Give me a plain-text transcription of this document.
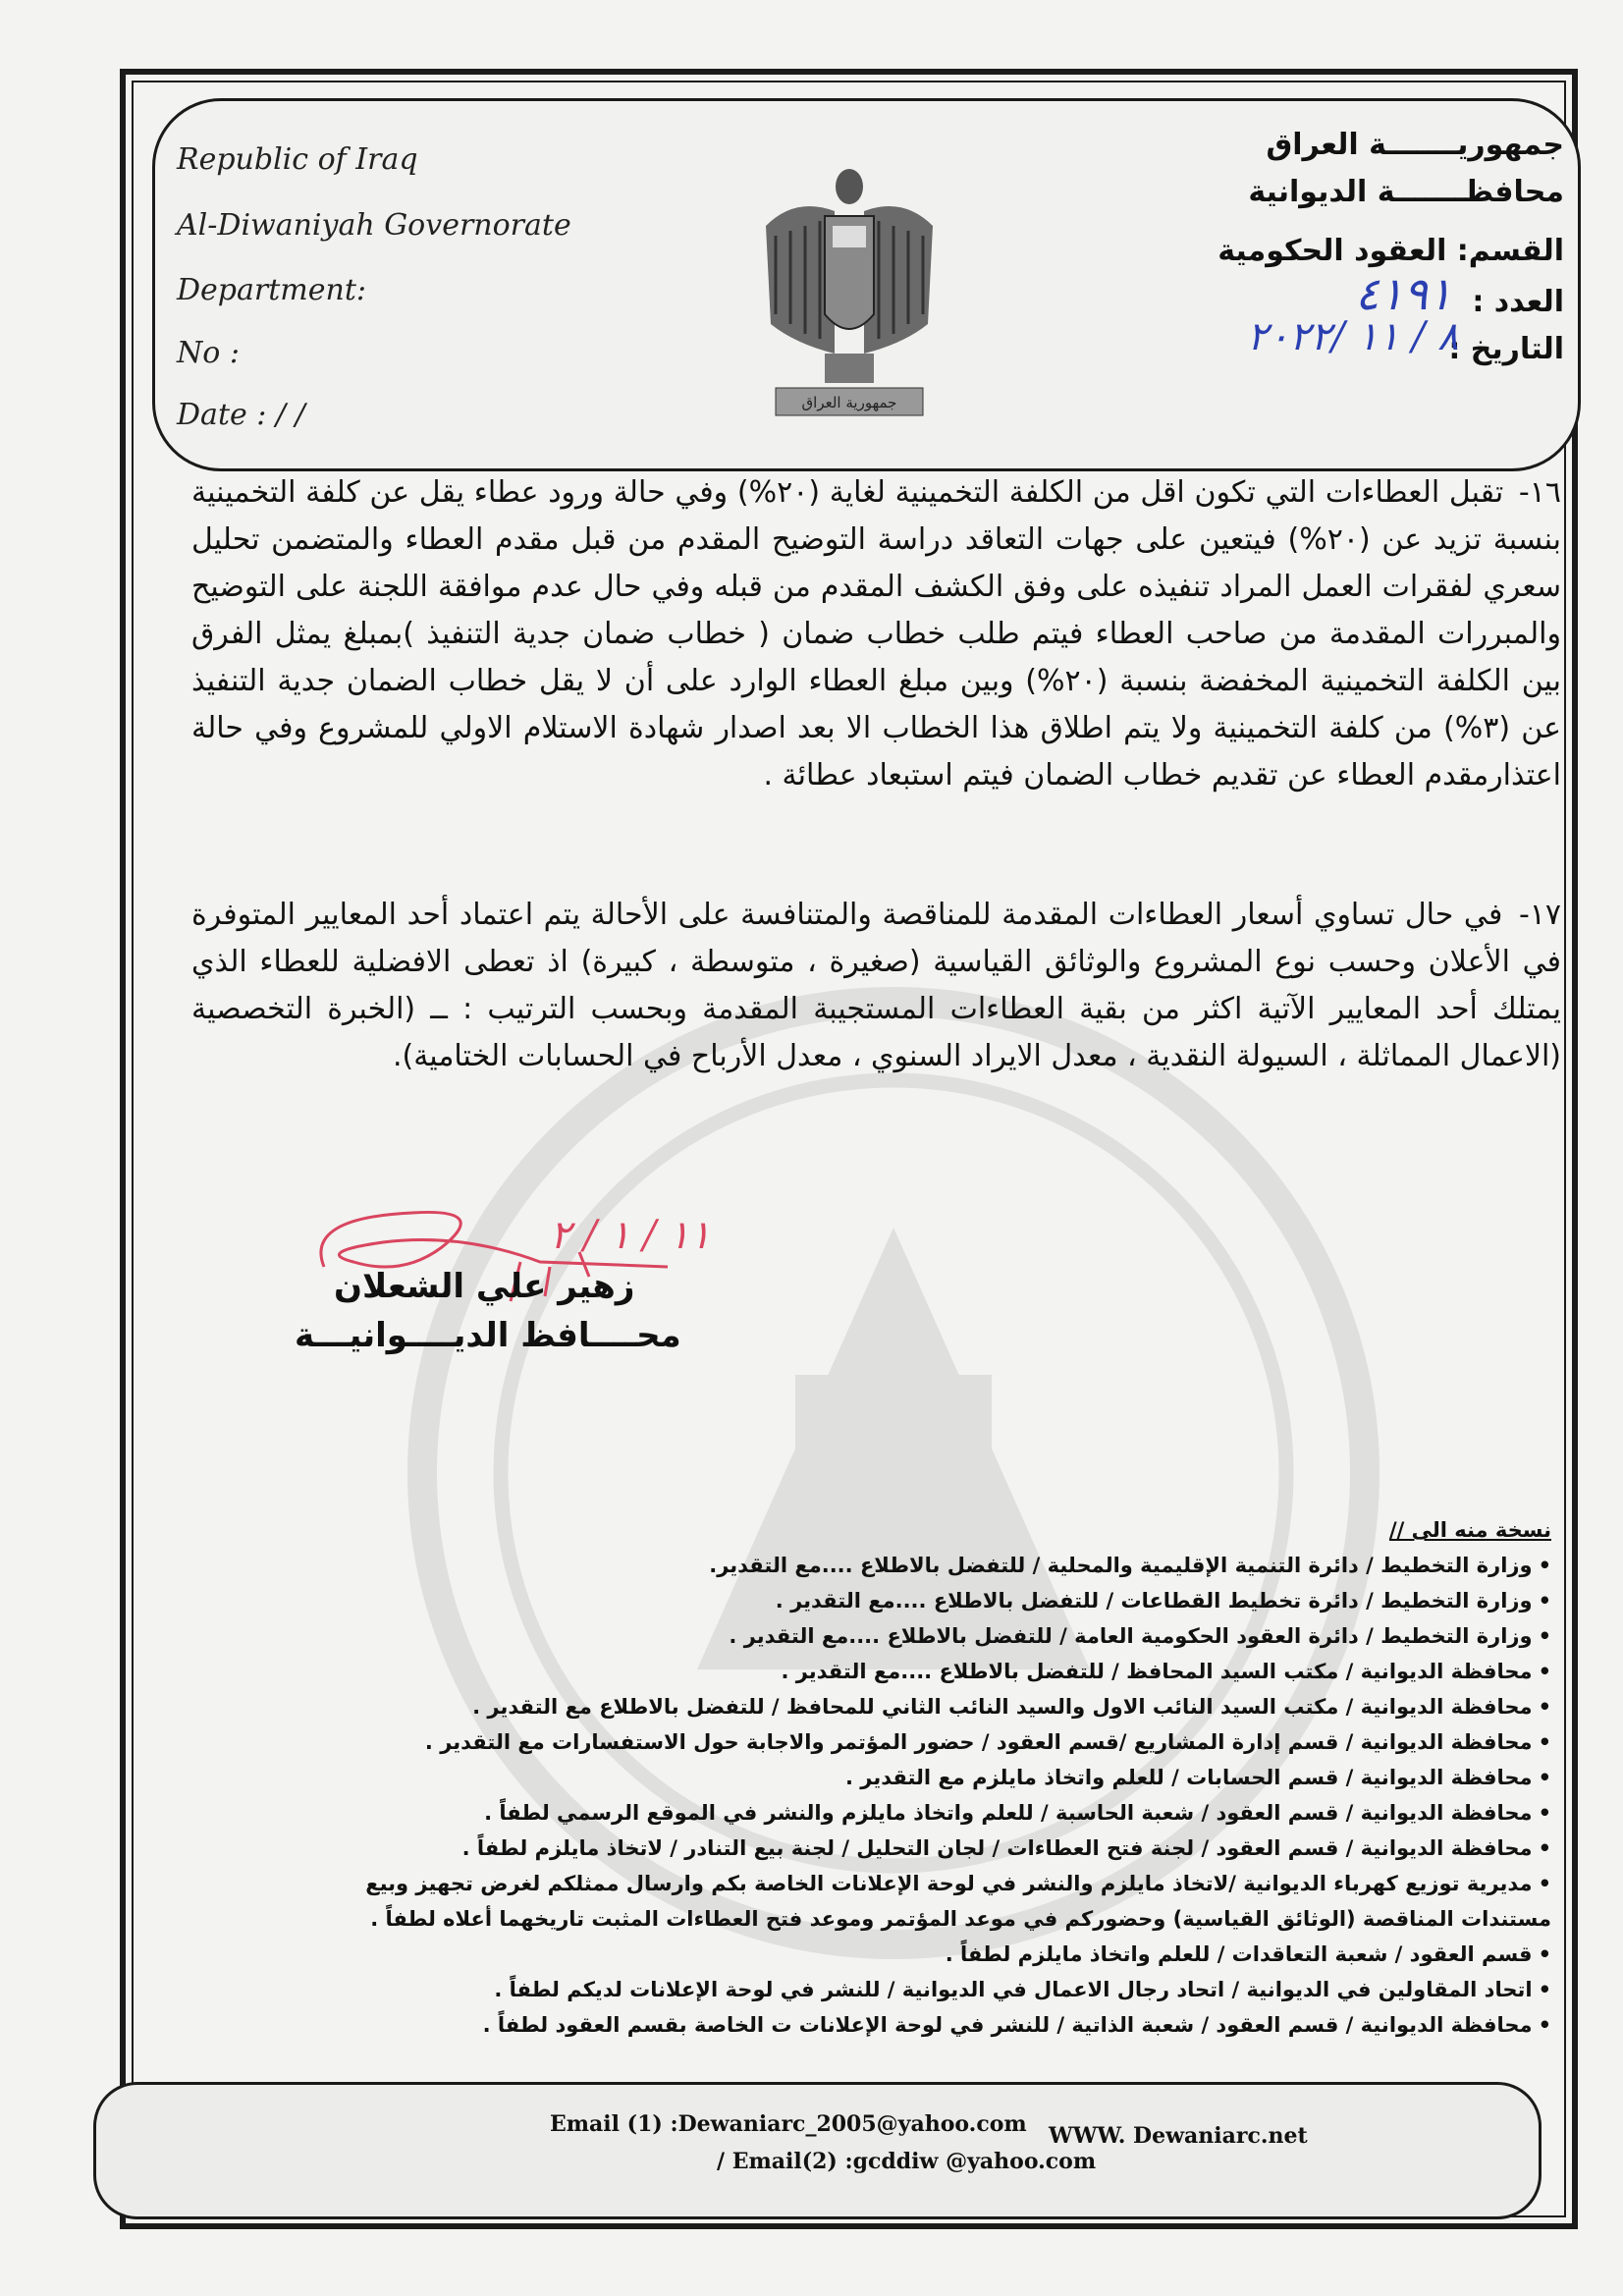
Republic of Iraq
Al-Diwaniyah Governorate
Department:
No :
Date : / /	جمهورية العراق
جمهوريـــــــة العراق
محافظـــــــة الديوانية
القسم: العقود الحكومية
العدد :
التاريخ :
٤١٩١
٨ / ١١ /٢٠٢٢
١٦- تقبل العطاءات التي تكون اقل من الكلفة التخمينية لغاية (٢٠%) وفي حالة ورود عطاء يقل عن كلفة التخمينية بنسبة تزيد عن (٢٠%) فيتعين على جهات التعاقد دراسة التوضيح المقدم من قبل مقدم العطاء والمتضمن تحليل سعري لفقرات العمل المراد تنفيذه على وفق الكشف المقدم من قبله وفي حال عدم موافقة اللجنة على التوضيح والمبررات المقدمة من صاحب العطاء فيتم طلب خطاب ضمان ( خطاب ضمان جدية التنفيذ )بمبلغ يمثل الفرق بين الكلفة التخمينية المخفضة بنسبة (٢٠%) وبين مبلغ العطاء الوارد على أن لا يقل خطاب الضمان جدية التنفيذ عن (٣%) من كلفة التخمينية ولا يتم اطلاق هذا الخطاب الا بعد اصدار شهادة الاستلام الاولي للمشروع وفي حالة اعتذارمقدم العطاء عن تقديم خطاب الضمان فيتم استبعاد عطائة .
١٧- في حال تساوي أسعار العطاءات المقدمة للمناقصة والمتنافسة على الأحالة يتم اعتماد أحد المعايير المتوفرة في الأعلان وحسب نوع المشروع والوثائق القياسية (صغيرة ، متوسطة ، كبيرة) اذ تعطى الافضلية للعطاء الذي يمتلك أحد المعايير الآتية اكثر من بقية العطاءات المستجيبة المقدمة وبحسب الترتيب : ــ (الخبرة التخصصية (الاعمال المماثلة ، السيولة النقدية ، معدل الايراد السنوي ، معدل الأرباح في الحسابات الختامية).
١١ / ١ / ٢
زهير علي الشعلان
محــــافظ الديــــوانيـــة
نسخة منه الى //
•وزارة التخطيط / دائرة التنمية الإقليمية والمحلية / للتفضل بالاطلاع ....مع التقدير.
•وزارة التخطيط / دائرة تخطيط القطاعات / للتفضل بالاطلاع ....مع التقدير .
•وزارة التخطيط / دائرة العقود الحكومية العامة / للتفضل بالاطلاع ....مع التقدير .
•محافظة الديوانية / مكتب السيد المحافظ / للتفضل بالاطلاع ....مع التقدير .
•محافظة الديوانية / مكتب السيد النائب الاول والسيد النائب الثاني للمحافظ / للتفضل بالاطلاع مع التقدير .
•محافظة الديوانية / قسم إدارة المشاريع /قسم العقود / حضور المؤتمر والاجابة حول الاستفسارات مع التقدير .
•محافظة الديوانية / قسم الحسابات / للعلم واتخاذ مايلزم مع التقدير .
•محافظة الديوانية / قسم العقود / شعبة الحاسبة / للعلم واتخاذ مايلزم والنشر في الموقع الرسمي لطفاً .
•محافظة الديوانية / قسم العقود / لجنة فتح العطاءات / لجان التحليل / لجنة بيع التنادر / لاتخاذ مايلزم لطفاً .
•مديرية توزيع كهرباء الديوانية /لاتخاذ مايلزم والنشر في لوحة الإعلانات الخاصة بكم وارسال ممثلكم لغرض تجهيز وبيع
مستندات المناقصة (الوثائق القياسية) وحضوركم في موعد المؤتمر وموعد فتح العطاءات المثبت تاريخهما أعلاه لطفاً .
•قسم العقود / شعبة التعاقدات / للعلم واتخاذ مايلزم لطفاً .
•اتحاد المقاولين في الديوانية / اتحاد رجال الاعمال في الديوانية / للنشر في لوحة الإعلانات لديكم لطفاً .
•محافظة الديوانية / قسم العقود / شعبة الذاتية / للنشر في لوحة الإعلانات ت الخاصة بقسم العقود لطفاً .
Email (1) :Dewaniarc_2005@yahoo.com WWW. Dewaniarc.net
/ Email(2) :gcddiw @yahoo.com
